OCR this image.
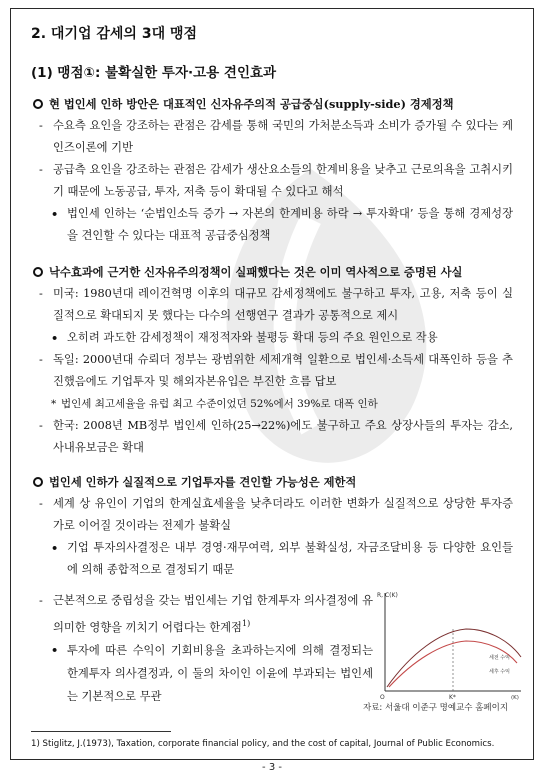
2. 대기업 감세의 3대 맹점
(1) 맹점①: 불확실한 투자·고용 견인효과
현 법인세 인하 방안은 대표적인 신자유주의적 공급중심(supply-side) 경제정책
- 수요측 요인을 강조하는 관점은 감세를 통해 국민의 가처분소득과 소비가 증가될 수 있다는 케인즈이론에 기반
- 공급측 요인을 강조하는 관점은 감세가 생산요소들의 한계비용을 낮추고 근로의욕을 고취시키기 때문에 노동공급, 투자, 저축 등이 확대될 수 있다고 해석
• 법인세 인하는 ‘순법인소득 증가 → 자본의 한계비용 하락 → 투자확대’ 등을 통해 경제성장을 견인할 수 있다는 대표적 공급중심정책
낙수효과에 근거한 신자유주의정책이 실패했다는 것은 이미 역사적으로 증명된 사실
- 미국: 1980년대 레이건혁명 이후의 대규모 감세정책에도 불구하고 투자, 고용, 저축 등이 실질적으로 확대되지 못 했다는 다수의 선행연구 결과가 공통적으로 제시
• 오히려 과도한 감세정책이 재정적자와 불평등 확대 등의 주요 원인으로 작용
- 독일: 2000년대 슈뢰더 정부는 광범위한 세제개혁 일환으로 법인세·소득세 대폭인하 등을 추진했음에도 기업투자 및 해외자본유입은 부진한 흐름 답보
* 법인세 최고세율을 유럽 최고 수준이었던 52%에서 39%로 대폭 인하
- 한국: 2008년 MB정부 법인세 인하(25→22%)에도 불구하고 주요 상장사들의 투자는 감소, 사내유보금은 확대
법인세 인하가 실질적으로 기업투자를 견인할 가능성은 제한적
- 세계 상 유인이 기업의 한계실효세율을 낮추더라도 이러한 변화가 실질적으로 상당한 투자증가로 이어질 것이라는 전제가 불확실
• 기업 투자의사결정은 내부 경영·재무여력, 외부 불확실성, 자금조달비용 등 다양한 요인들에 의해 종합적으로 결정되기 때문
- 근본적으로 중립성을 갖는 법인세는 기업 한계투자 의사결정에 유의미한 영향을 끼치기 어렵다는 한계점$^{1)}$
• 투자에 따른 수익이 기회비용을 초과하는지에 의해 결정되는 한계투자 의사결정과, 이 둘의 차이인 이윤에 부과되는 법인세는 기본적으로 무관
R, C(K)
O	K*	(K)
세전 수익
세후 수익
자료: 서울대 이준구 명예교수 홈페이지
1) Stiglitz, J.(1973), Taxation, corporate financial policy, and the cost of capital, Journal of Public Economics.
- 3 -
